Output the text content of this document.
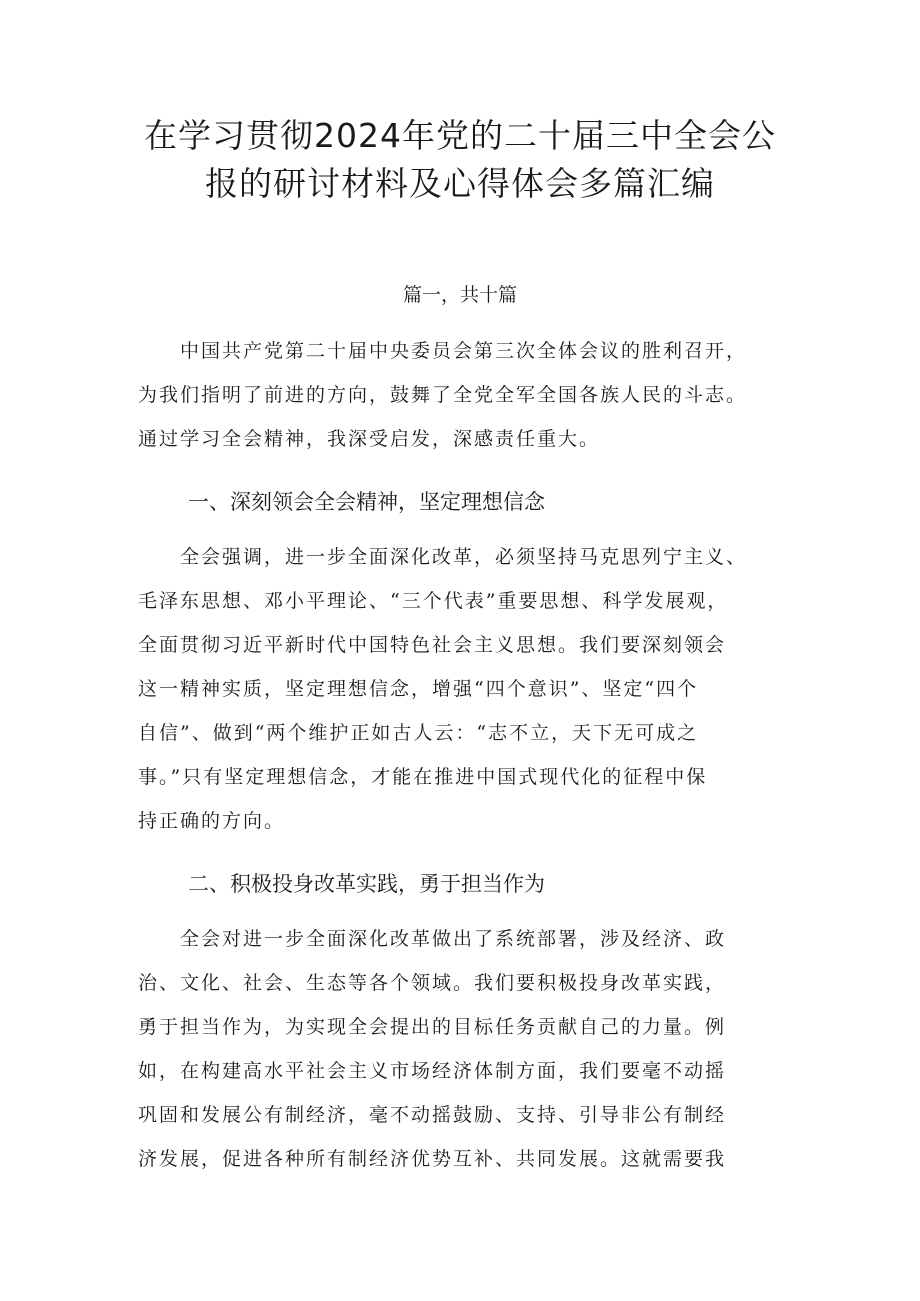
在学习贯彻2024年党的二十届三中全会公
报的研讨材料及心得体会多篇汇编
篇一，共十篇
　　中国共产党第二十届中央委员会第三次全体会议的胜利召开，
为我们指明了前进的方向，鼓舞了全党全军全国各族人民的斗志。
通过学习全会精神，我深受启发，深感责任重大。
一、深刻领会全会精神，坚定理想信念
　　全会强调，进一步全面深化改革，必须坚持马克思列宁主义、
毛泽东思想、邓小平理论、“三个代表”重要思想、科学发展观，
全面贯彻习近平新时代中国特色社会主义思想。我们要深刻领会
这一精神实质，坚定理想信念，增强“四个意识”、坚定“四个
自信”、做到“两个维护正如古人云：“志不立，天下无可成之
事。”只有坚定理想信念，才能在推进中国式现代化的征程中保
持正确的方向。
二、积极投身改革实践，勇于担当作为
　　全会对进一步全面深化改革做出了系统部署，涉及经济、政
治、文化、社会、生态等各个领域。我们要积极投身改革实践，
勇于担当作为，为实现全会提出的目标任务贡献自己的力量。例
如，在构建高水平社会主义市场经济体制方面，我们要毫不动摇
巩固和发展公有制经济，毫不动摇鼓励、支持、引导非公有制经
济发展，促进各种所有制经济优势互补、共同发展。这就需要我
